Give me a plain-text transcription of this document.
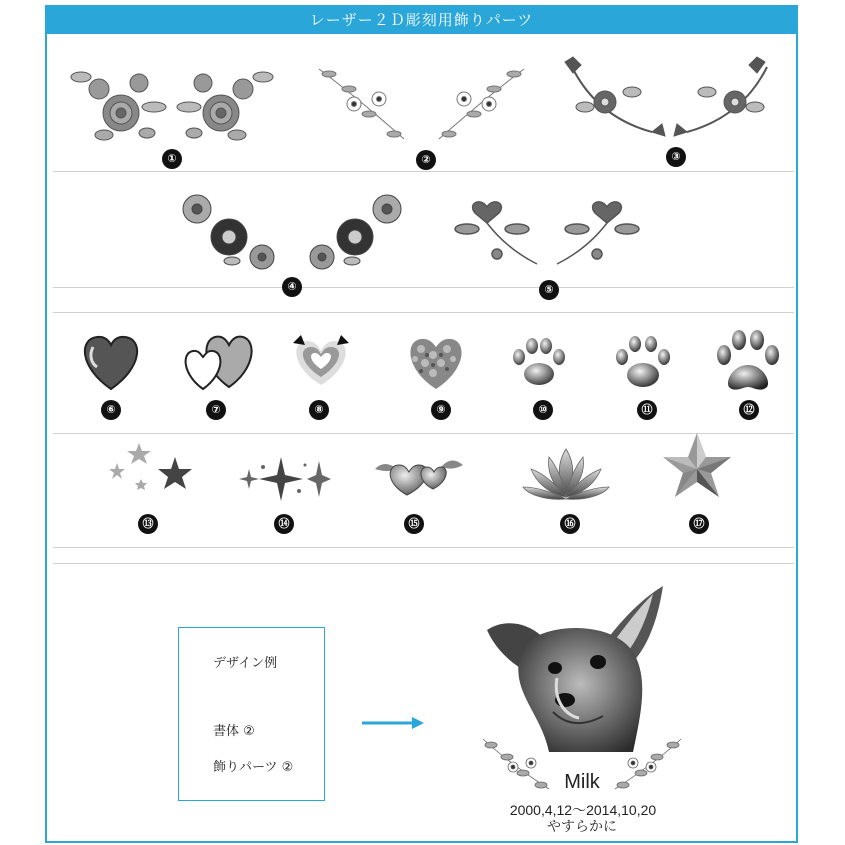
レーザー２Ｄ彫刻用飾りパーツ
①	②	③
④	⑤
⑥	⑦	⑧	⑨	⑩	⑪	⑫
⑬	⑭	⑮	⑯	⑰
デザイン例
書体 ②
飾りパーツ ②
Milk
2000,4,12～2014,10,20
やすらかに
